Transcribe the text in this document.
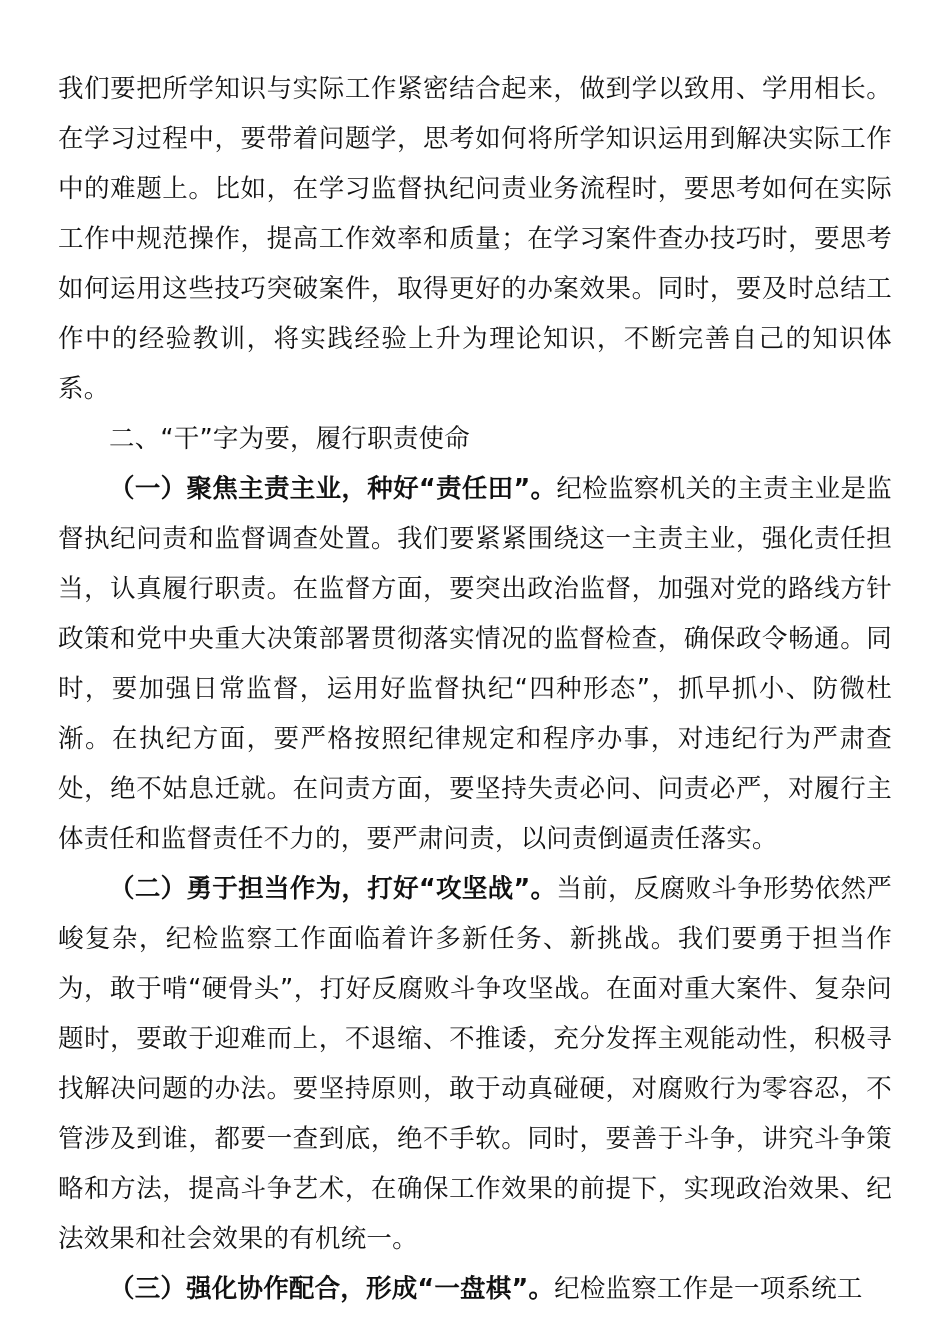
我们要把所学知识与实际工作紧密结合起来，做到学以致用、学用相长。在学习过程中，要带着问题学，思考如何将所学知识运用到解决实际工作中的难题上。比如，在学习监督执纪问责业务流程时，要思考如何在实际工作中规范操作，提高工作效率和质量；在学习案件查办技巧时，要思考如何运用这些技巧突破案件，取得更好的办案效果。同时，要及时总结工作中的经验教训，将实践经验上升为理论知识，不断完善自己的知识体系。

二、“干”字为要，履行职责使命

（一）聚焦主责主业，种好“责任田”。纪检监察机关的主责主业是监督执纪问责和监督调查处置。我们要紧紧围绕这一主责主业，强化责任担当，认真履行职责。在监督方面，要突出政治监督，加强对党的路线方针政策和党中央重大决策部署贯彻落实情况的监督检查，确保政令畅通。同时，要加强日常监督，运用好监督执纪“四种形态”，抓早抓小、防微杜渐。在执纪方面，要严格按照纪律规定和程序办事，对违纪行为严肃查处，绝不姑息迁就。在问责方面，要坚持失责必问、问责必严，对履行主体责任和监督责任不力的，要严肃问责，以问责倒逼责任落实。

（二）勇于担当作为，打好“攻坚战”。当前，反腐败斗争形势依然严峻复杂，纪检监察工作面临着许多新任务、新挑战。我们要勇于担当作为，敢于啃“硬骨头”，打好反腐败斗争攻坚战。在面对重大案件、复杂问题时，要敢于迎难而上，不退缩、不推诿，充分发挥主观能动性，积极寻找解决问题的办法。要坚持原则，敢于动真碰硬，对腐败行为零容忍，不管涉及到谁，都要一查到底，绝不手软。同时，要善于斗争，讲究斗争策略和方法，提高斗争艺术，在确保工作效果的前提下，实现政治效果、纪法效果和社会效果的有机统一。

（三）强化协作配合，形成“一盘棋”。纪检监察工作是一项系统工
